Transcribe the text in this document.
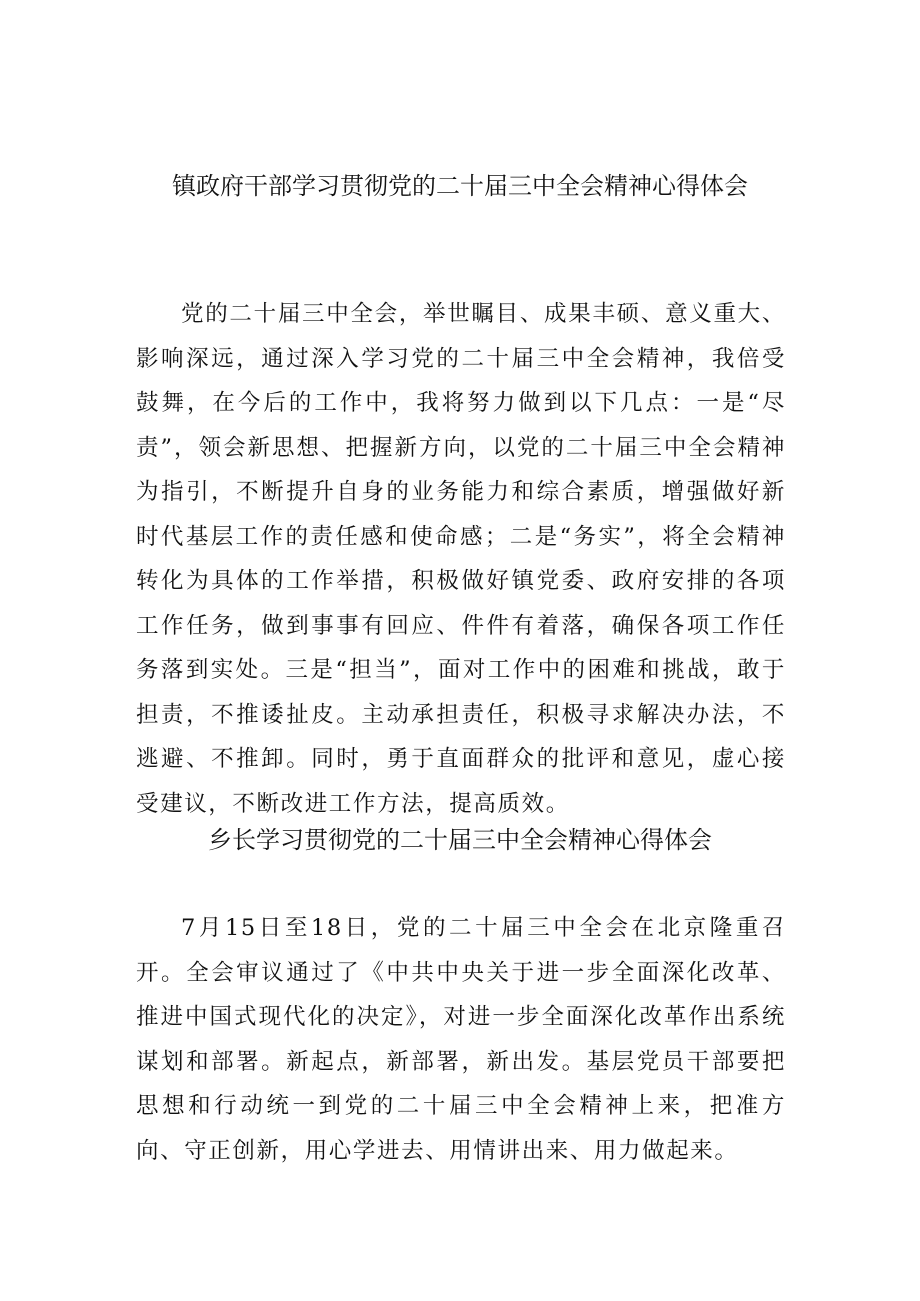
镇政府干部学习贯彻党的二十届三中全会精神心得体会

党的二十届三中全会，举世瞩目、成果丰硕、意义重大、影响深远，通过深入学习党的二十届三中全会精神，我倍受鼓舞，在今后的工作中，我将努力做到以下几点：一是“尽责”，领会新思想、把握新方向，以党的二十届三中全会精神为指引，不断提升自身的业务能力和综合素质，增强做好新时代基层工作的责任感和使命感；二是“务实”，将全会精神转化为具体的工作举措，积极做好镇党委、政府安排的各项工作任务，做到事事有回应、件件有着落，确保各项工作任务落到实处。三是“担当”，面对工作中的困难和挑战，敢于担责，不推诿扯皮。主动承担责任，积极寻求解决办法，不逃避、不推卸。同时，勇于直面群众的批评和意见，虚心接受建议，不断改进工作方法，提高质效。

乡长学习贯彻党的二十届三中全会精神心得体会

7月15日至18日，党的二十届三中全会在北京隆重召开。全会审议通过了《中共中央关于进一步全面深化改革、推进中国式现代化的决定》，对进一步全面深化改革作出系统谋划和部署。新起点，新部署，新出发。基层党员干部要把思想和行动统一到党的二十届三中全会精神上来，把准方向、守正创新，用心学进去、用情讲出来、用力做起来。
